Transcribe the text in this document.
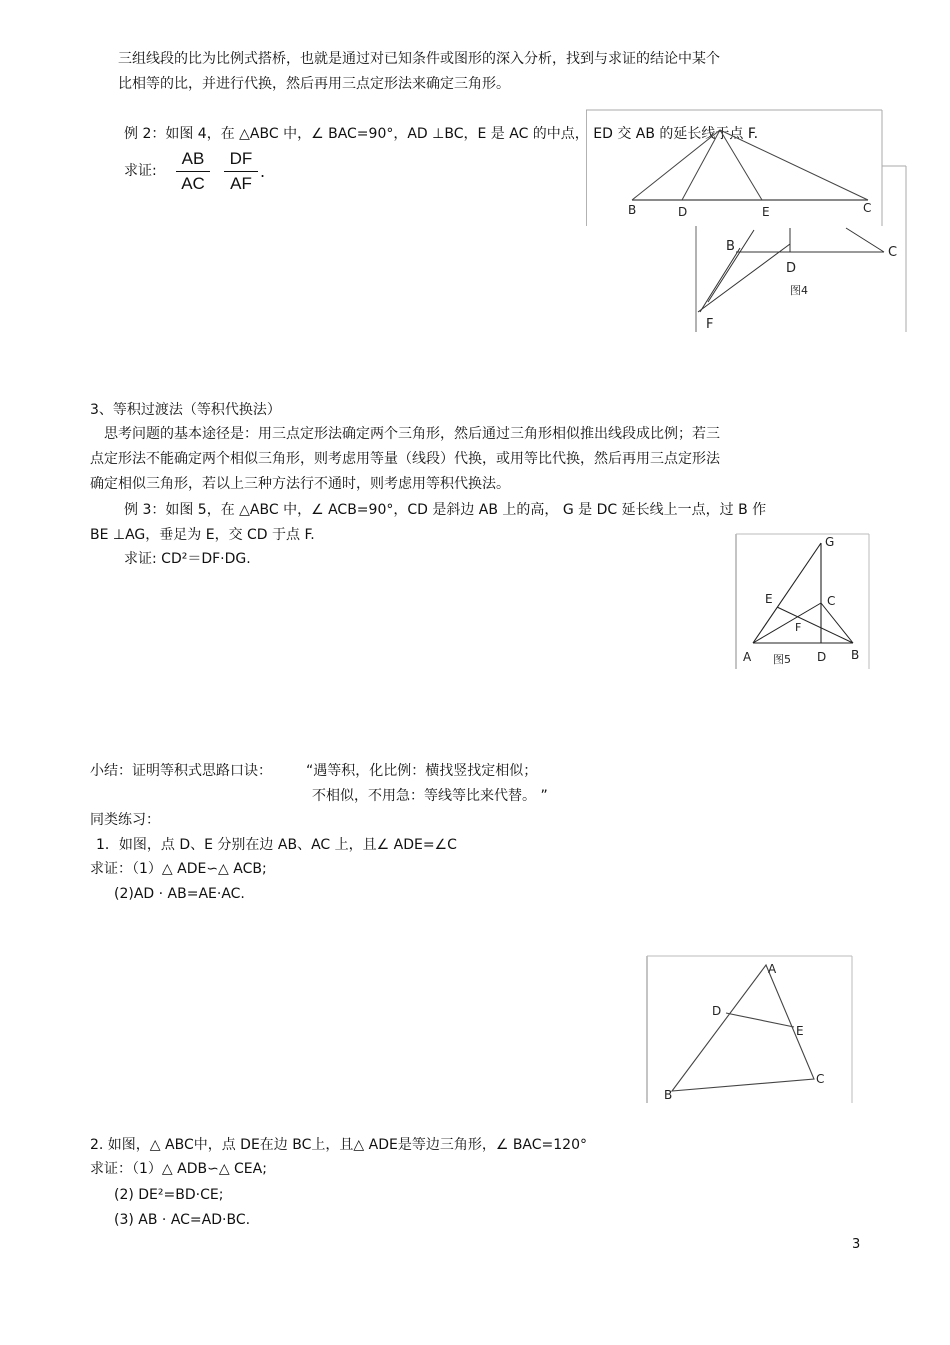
三组线段的比为比例式搭桥，也就是通过对已知条件或图形的深入分析，找到与求证的结论中某个
比相等的比，并进行代换，然后再用三点定形法来确定三角形。
例 2：如图 4，在 △ABC 中，∠ BAC=90°，AD ⊥BC，E 是 AC 的中点， ED 交 AB 的延长线于点 F.
求证: $\frac{AB}{AC} \frac{DF}{AF}$ .
B	D	E	C
B
D
C
F
图4
3、等积过渡法（等积代换法）
思考问题的基本途径是：用三点定形法确定两个三角形，然后通过三角形相似推出线段成比例；若三
点定形法不能确定两个相似三角形，则考虑用等量（线段）代换，或用等比代换，然后再用三点定形法
确定相似三角形，若以上三种方法行不通时，则考虑用等积代换法。
例 3：如图 5，在 △ABC 中，∠ ACB=90°，CD 是斜边 AB 上的高， G 是 DC 延长线上一点，过 B 作
BE ⊥AG，垂足为 E，交 CD 于点 F.
求证: CD²＝DF·DG.
G
E	C
F
A	D B
图5
小结：证明等积式思路口诀： “遇等积，化比例：横找竖找定相似；
不相似，不用急：等线等比来代替。 ”
同类练习：
1．如图，点 D、E 分别在边 AB、AC 上，且∠ ADE=∠C
求证：（1）△ ADE∽△ ACB;
(2)AD · AB=AE·AC.
A
D
E
B
C
2. 如图，△ ABC中，点 DE在边 BC上，且△ ADE是等边三角形，∠ BAC=120°
求证：（1）△ ADB∽△ CEA;
(2) DE²=BD·CE;
(3) AB · AC=AD·BC.
3
